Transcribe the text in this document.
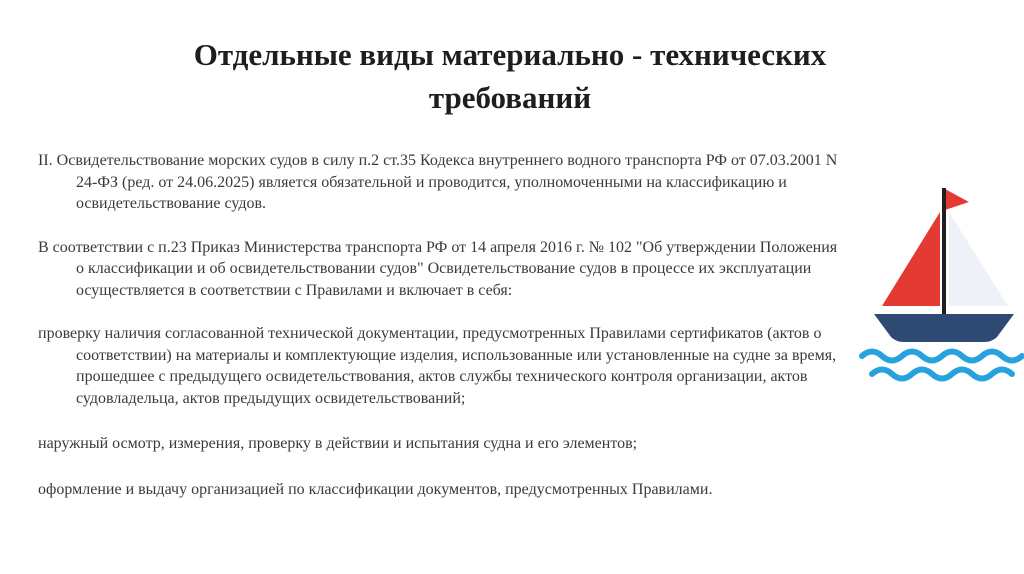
Отдельные виды материально - технических
требований

II. Освидетельствование морских судов в силу п.2 ст.35 Кодекса внутреннего водного транспорта РФ от 07.03.2001 N 24-ФЗ (ред. от 24.06.2025) является обязательной и проводится, уполномоченными на классификацию и освидетельствование судов.

В соответствии с п.23 Приказ Министерства транспорта РФ от 14 апреля 2016 г. № 102 "Об утверждении Положения о классификации и об освидетельствовании судов" Освидетельствование судов в процессе их эксплуатации осуществляется в соответствии с Правилами и включает в себя:

проверку наличия согласованной технической документации, предусмотренных Правилами сертификатов (актов о соответствии) на материалы и комплектующие изделия, использованные или установленные на судне за время, прошедшее с предыдущего освидетельствования, актов службы технического контроля организации, актов судовладельца, актов предыдущих освидетельствований;

наружный осмотр, измерения, проверку в действии и испытания судна и его элементов;

оформление и выдачу организацией по классификации документов, предусмотренных Правилами.
